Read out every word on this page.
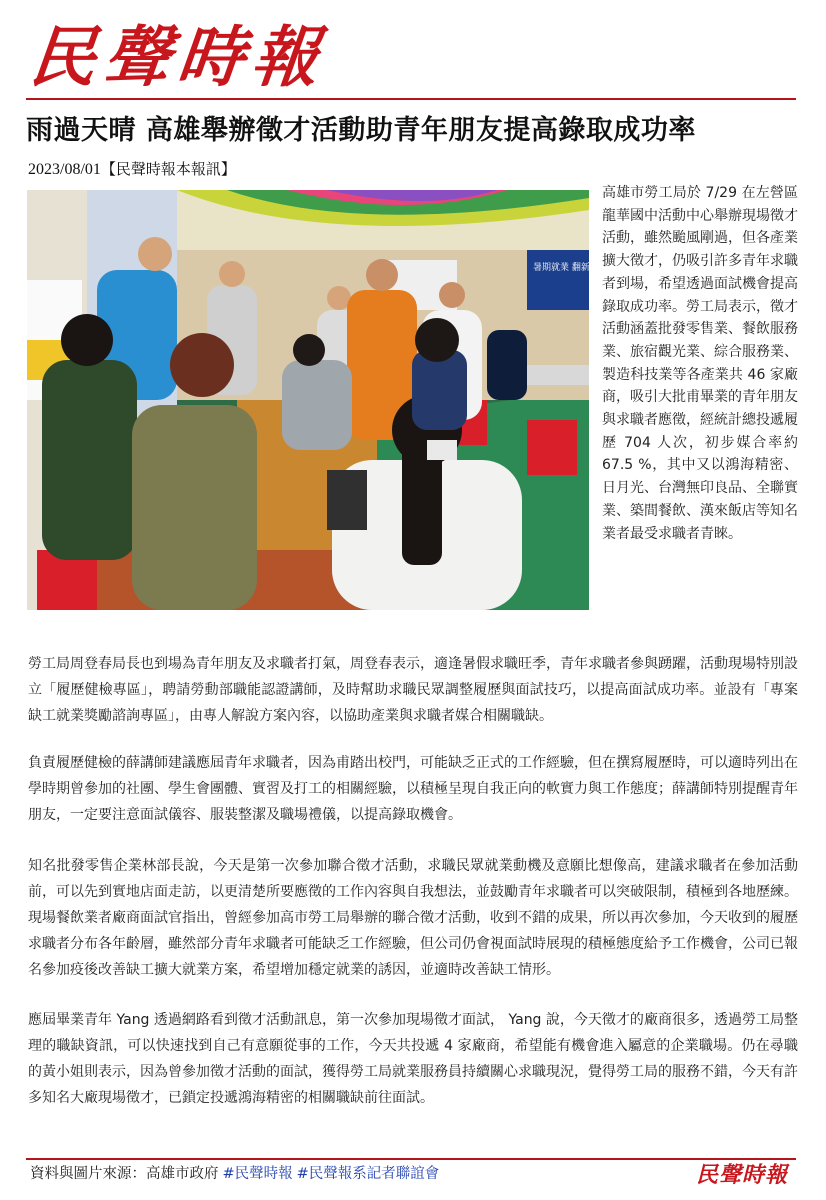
民聲時報
雨過天晴 高雄舉辦徵才活動助青年朋友提高錄取成功率
2023/08/01【民聲時報本報訊】
暑期就業 翻新科技 公司-高雄
高雄市勞工局於 7/29 在左營區龍華國中活動中心舉辦現場徵才活動，雖然颱風剛過，但各產業擴大徵才，仍吸引許多青年求職者到場，希望透過面試機會提高錄取成功率。勞工局表示，徵才活動涵蓋批發零售業、餐飲服務業、旅宿觀光業、綜合服務業、製造科技業等各產業共 46 家廠商，吸引大批甫畢業的青年朋友與求職者應徵，經統計總投遞履歷 704 人次，初步媒合率約 67.5 %，其中又以鴻海精密、日月光、台灣無印良品、全聯實業、築間餐飲、漢來飯店等知名業者最受求職者青睞。

勞工局周登春局長也到場為青年朋友及求職者打氣，周登春表示，適逢暑假求職旺季，青年求職者參與踴躍，活動現場特別設立「履歷健檢專區」，聘請勞動部職能認證講師，及時幫助求職民眾調整履歷與面試技巧，以提高面試成功率。並設有「專案缺工就業獎勵諮詢專區」，由專人解說方案內容，以協助產業與求職者媒合相關職缺。

負責履歷健檢的薛講師建議應屆青年求職者，因為甫踏出校門，可能缺乏正式的工作經驗，但在撰寫履歷時，可以適時列出在學時期曾參加的社團、學生會團體、實習及打工的相關經驗，以積極呈現自我正向的軟實力與工作態度；薛講師特別提醒青年朋友，一定要注意面試儀容、服裝整潔及職場禮儀，以提高錄取機會。

知名批發零售企業林部長說，今天是第一次參加聯合徵才活動，求職民眾就業動機及意願比想像高，建議求職者在參加活動前，可以先到實地店面走訪，以更清楚所要應徵的工作內容與自我想法，並鼓勵青年求職者可以突破限制，積極到各地歷練。現場餐飲業者廠商面試官指出，曾經參加高市勞工局舉辦的聯合徵才活動，收到不錯的成果，所以再次參加，今天收到的履歷求職者分布各年齡層，雖然部分青年求職者可能缺乏工作經驗，但公司仍會視面試時展現的積極態度給予工作機會，公司已報名參加疫後改善缺工擴大就業方案，希望增加穩定就業的誘因，並適時改善缺工情形。

應屆畢業青年 Yang 透過網路看到徵才活動訊息，第一次參加現場徵才面試， Yang 說，今天徵才的廠商很多，透過勞工局整理的職缺資訊，可以快速找到自己有意願從事的工作，今天共投遞 4 家廠商，希望能有機會進入屬意的企業職場。仍在尋職的黃小姐則表示，因為曾參加徵才活動的面試，獲得勞工局就業服務員持續關心求職現況，覺得勞工局的服務不錯，今天有許多知名大廠現場徵才，已鎖定投遞鴻海精密的相關職缺前往面試。

資料與圖片來源：高雄市政府 #民聲時報 #民聲報系記者聯誼會	民聲時報
